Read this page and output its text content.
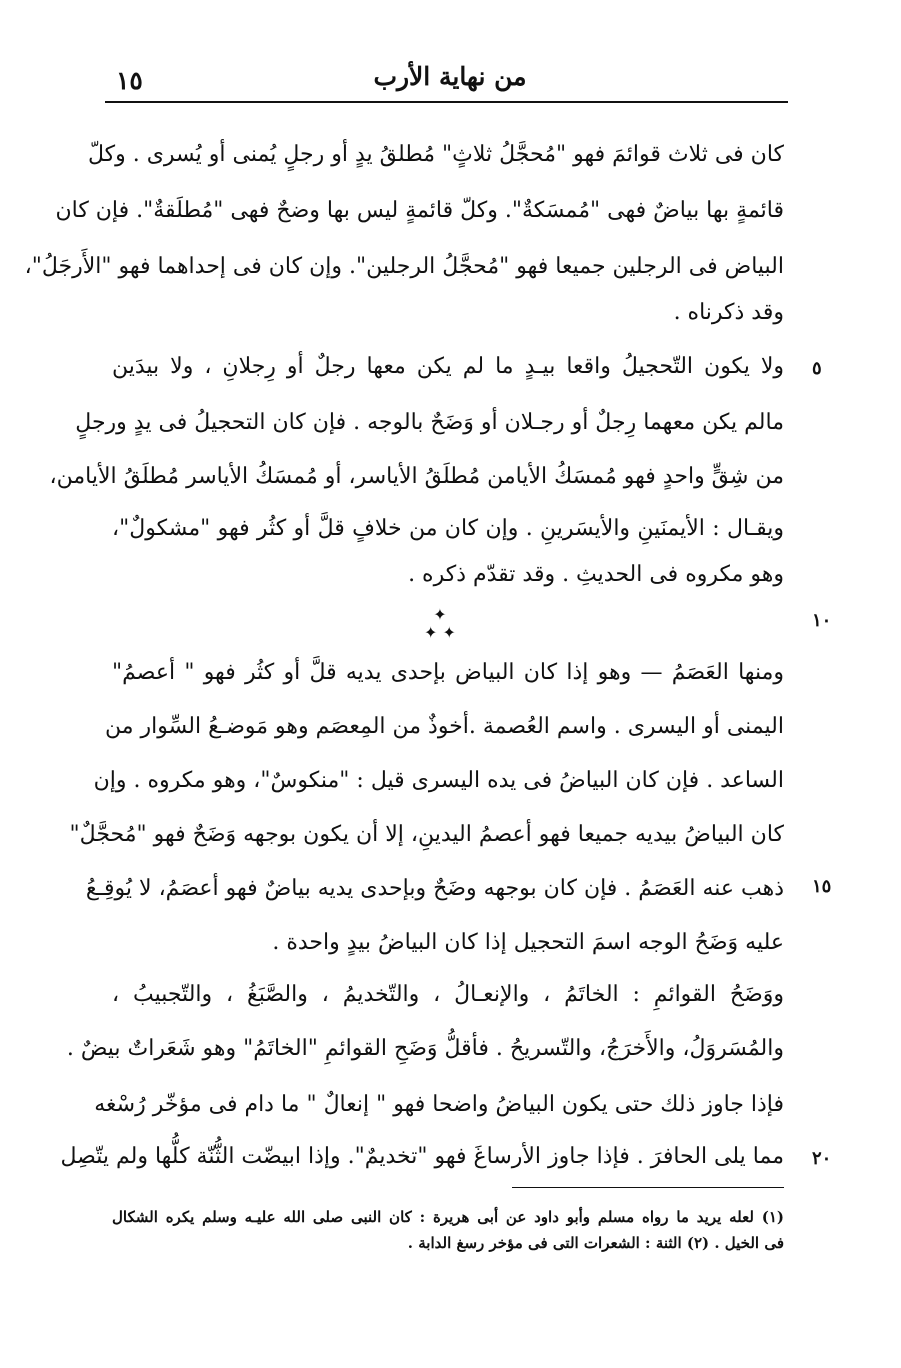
من نهاية الأرب
١٥
كان فى ثلاث قوائمَ فهو "مُحجَّلُ ثلاثٍ" مُطلقُ يدٍ أو رجلٍ يُمنى أو يُسرى . وكلّ
قائمةٍ بها بياضٌ فهى "مُمسَكةٌ". وكلّ قائمةٍ ليس بها وضحٌ فهى "مُطلَقةٌ". فإن كان
البياض فى الرجلين جميعا فهو "مُحجَّلُ الرجلين". وإن كان فى إحداهما فهو "الأَرجَلُ"،
وقد ذكرناه .
ولا يكون التّحجيلُ واقعا بيـدٍ ما لم يكن معها رجلٌ أو رِجلانِ ، ولا بيدَين
مالم يكن معهما رِجلٌ أو رجـلان أو وَضَحٌ بالوجه . فإن كان التحجيلُ فى يدٍ ورجلٍ
من شِقٍّ واحدٍ فهو مُمسَكُ الأيامن مُطلَقُ الأياسر، أو مُمسَكُ الأياسر مُطلَقُ الأيامن،
ويقـال : الأيمنَينِ والأيسَرينِ . وإن كان من خلافٍ قلَّ أو كثُر فهو "مشكولٌ"،
وهو مكروه فى الحديثِ . وقد تقدّم ذكره .
✦
✦ ✦
ومنها العَصَمُ — وهو إذا كان البياض بإحدى يديه قلَّ أو كثُر فهو " أعصمُ"
اليمنى أو اليسرى . واسم العُصمة .أخوذٌ من المِعصَم وهو مَوضـعُ السِّوار من
الساعد . فإن كان البياضُ فى يده اليسرى قيل : "منكوسٌ"، وهو مكروه . وإن
كان البياضُ بيديه جميعا فهو أعصمُ اليدينِ، إلا أن يكون بوجهه وَضَحٌ فهو "مُحجَّلٌ"
ذهب عنه العَصَمُ . فإن كان بوجهه وضَحٌ وبإحدى يديه بياضٌ فهو أعصَمُ، لا يُوقِـعُ
عليه وَضَحُ الوجه اسمَ التحجيل إذا كان البياضُ بيدٍ واحدة .
ووَضَحُ القوائمِ : الخاتَمُ ، والإنعـالُ ، والتّخديمُ ، والصَّبَغُ ، والتّجبيبُ ،
والمُسَروَلُ، والأَخرَجُ، والتّسريحُ . فأقلُّ وَضَحِ القوائمِ "الخاتَمُ" وهو شَعَراتٌ بيضٌ .
فإذا جاوز ذلك حتى يكون البياضُ واضحا فهو " إنعالٌ " ما دام فى مؤخّر رُسْغه
مما يلى الحافرَ . فإذا جاوز الأرساغَ فهو "تخديمٌ". وإذا ابيضّت الثُّنّة كلُّها ولم يتّصِل
٥
١٠
١٥
٢٠
(١) لعله يريد ما رواه مسلم وأبو داود عن أبى هريرة : كان النبى صلى الله عليـه وسلم يكره الشكال
فى الخيل . (٢) الثنة : الشعرات التى فى مؤخر رسغ الدابة .
